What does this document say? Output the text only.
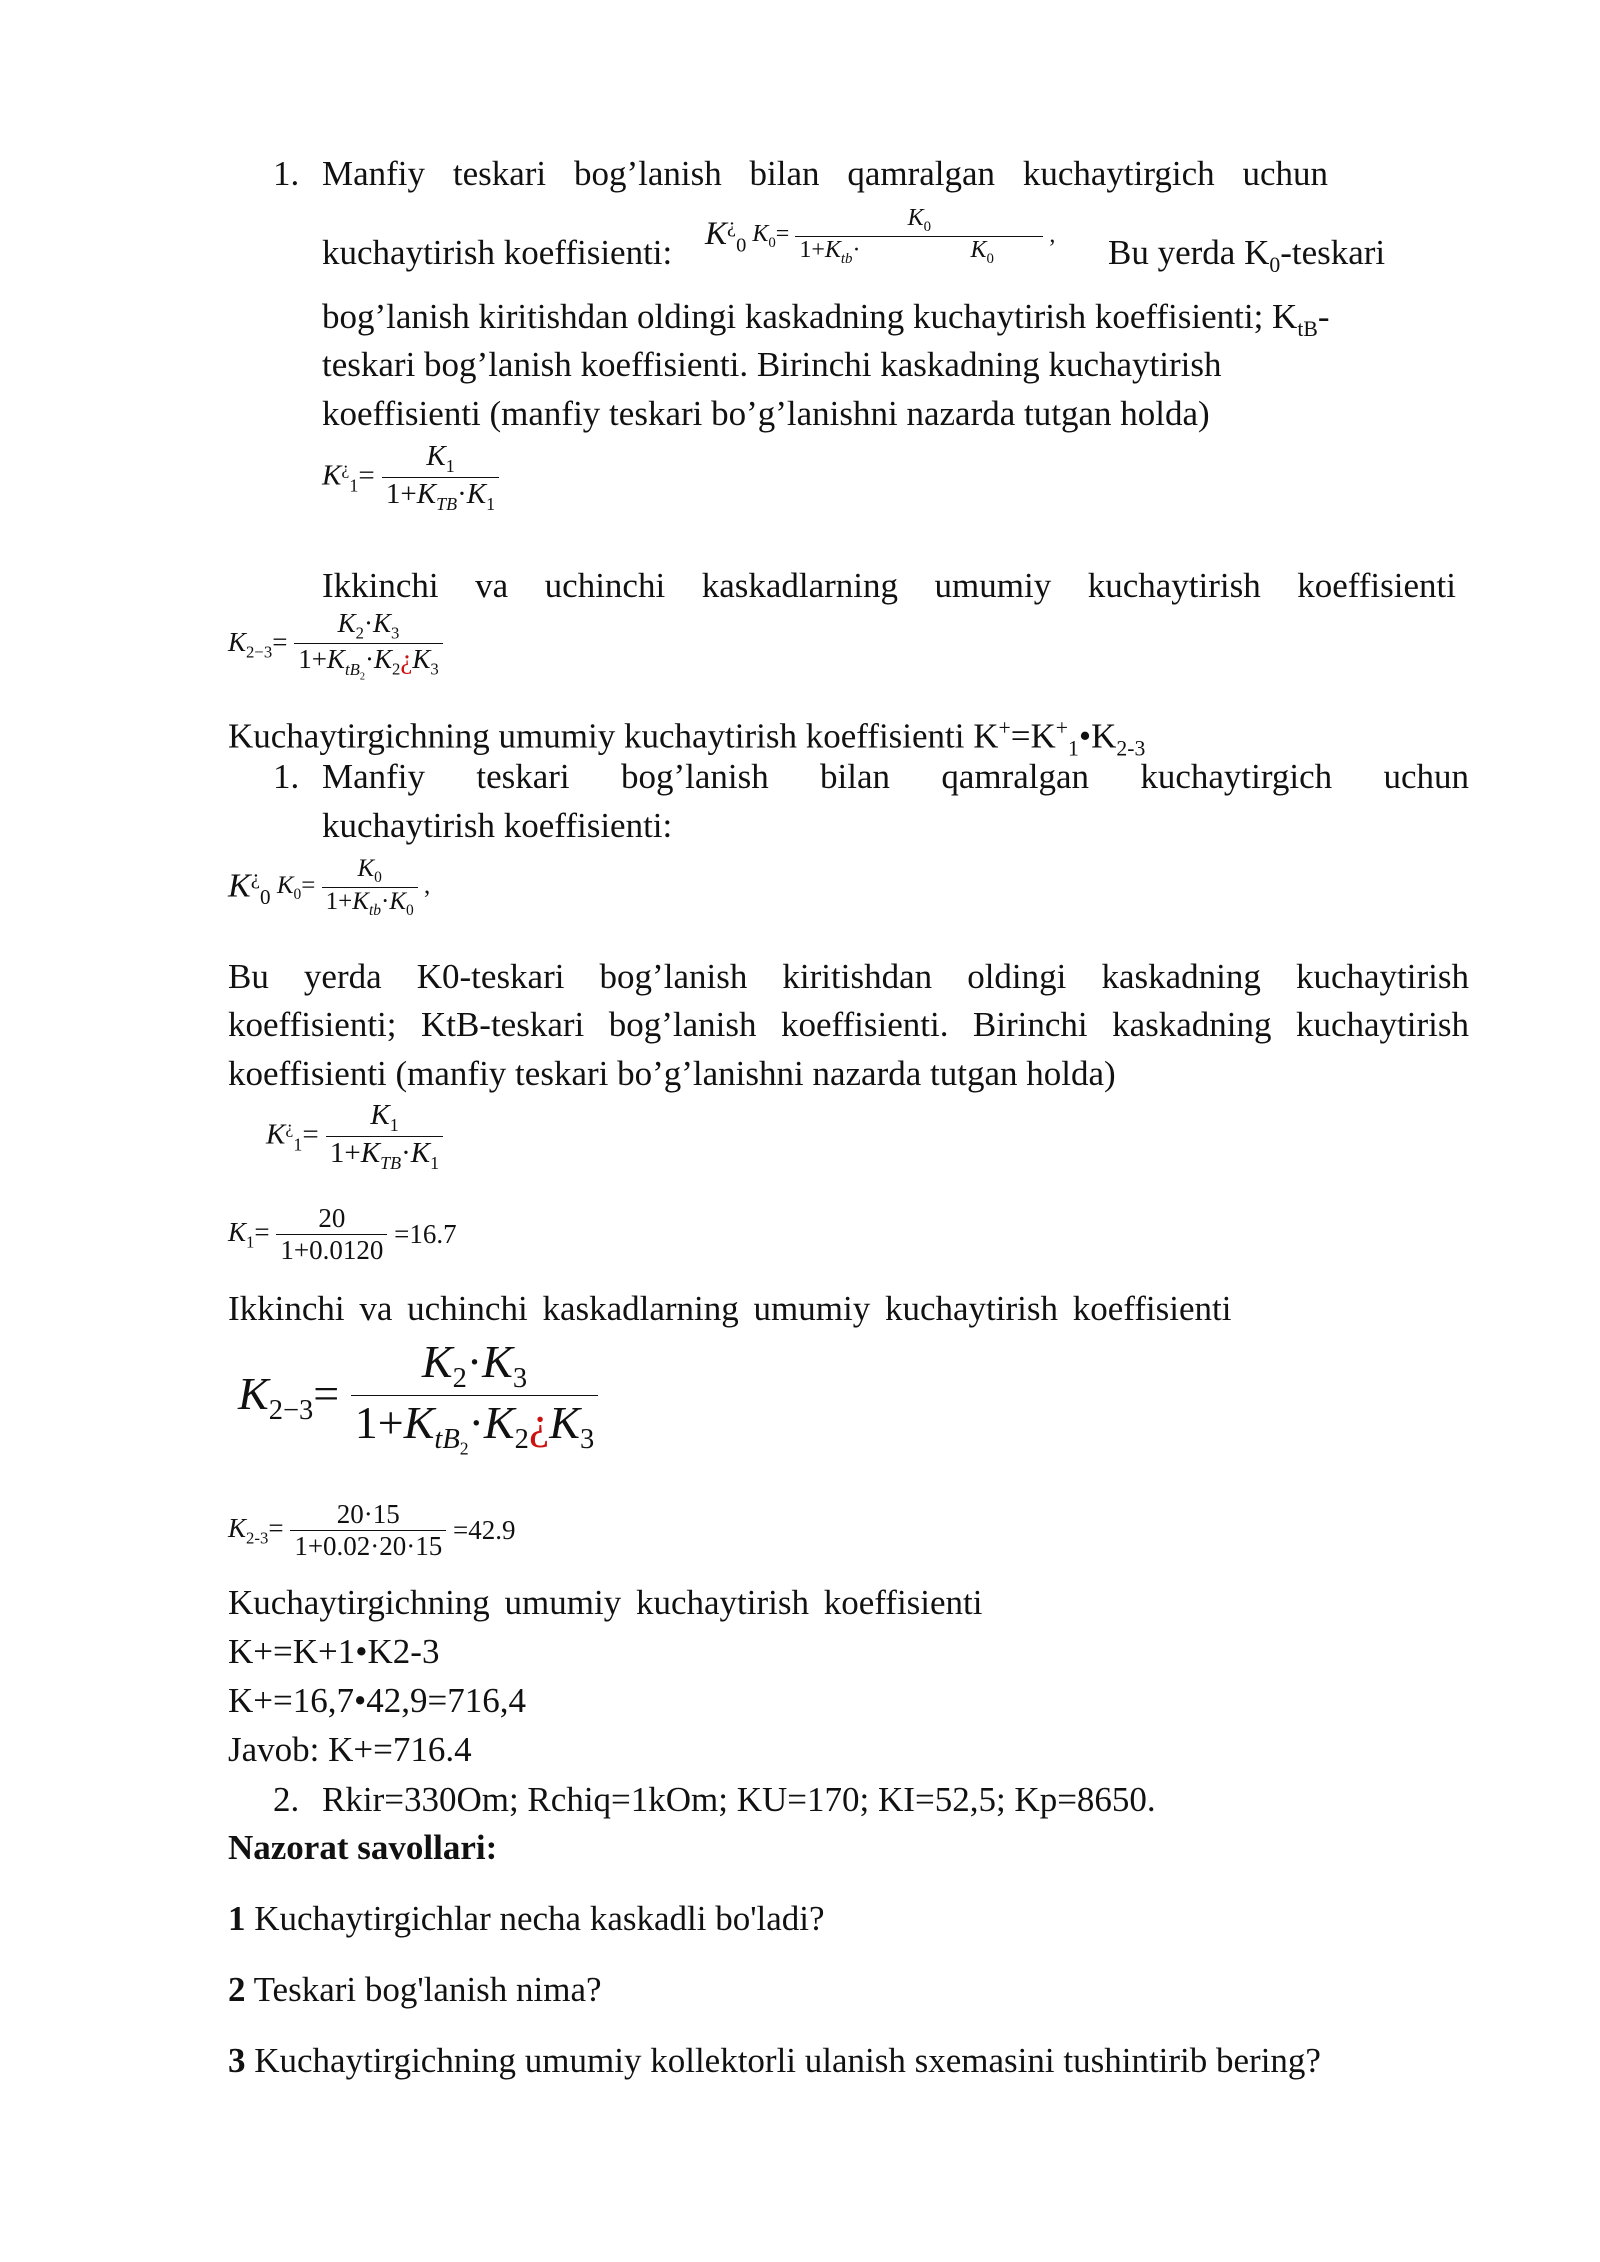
1. Manfiy teskari bog’lanish bilan qamralgan kuchaytirgich uchun
kuchaytirish koeffisienti: $K^¿_0$ $K_0= K_0$
$1+K_{tb}\cdot$	$K_0$ ,	Bu yerda $K_0$-teskari
bog’lanish kiritishdan oldingi kaskadning kuchaytirish koeffisienti; $K_{tB}-$
teskari bog’lanish koeffisienti. Birinchi kaskadning kuchaytirish
koeffisienti (manfiy teskari bo’g’lanishni nazarda tutgan holda)
$K^¿_1= \frac{K_1}{1+K_{TB}\cdot K_1}$
Ikkinchi va uchinchi kaskadlarning umumiy kuchaytirish koeffisienti
$K_{2-3}= \frac{K_2\cdot K_3}{1+K_{tB_2}\cdot K_2¿K_3}$
Kuchaytirgichning umumiy kuchaytirish koeffisienti $K^+=K^+_1•K_{2-3}$
1. Manfiy teskari bog’lanish bilan qamralgan kuchaytirgich uchun
kuchaytirish koeffisienti:
$K^¿_0$ $K_0= \frac{K_0}{1+K_{tb}\cdot K_0}$ ,
Bu yerda K0-teskari bog’lanish kiritishdan oldingi kaskadning kuchaytirish
koeffisienti; KtB-teskari bog’lanish koeffisienti. Birinchi kaskadning kuchaytirish
koeffisienti (manfiy teskari bo’g’lanishni nazarda tutgan holda)
$K^¿_1= \frac{K_1}{1+K_{TB}\cdot K_1}$
$K_1= \frac{20}{1+0.0120} =16.7$
Ikkinchi va uchinchi kaskadlarning umumiy kuchaytirish koeffisienti
$K_{2-3}= \frac{K_2\cdot K_3}{1+K_{tB_2}\cdot K_2¿K_3}$
$K_{2-3}= \frac{20\cdot 15}{1+0.02\cdot 20\cdot 15} =42.9$
Kuchaytirgichning umumiy kuchaytirish koeffisienti
K+=K+1•K2-3
K+=16,7•42,9=716,4
Javob: K+=716.4
2. Rkir=330Om; Rchiq=1kOm; KU=170; KI=52,5; Kp=8650.
Nazorat savollari:
1 Kuchaytirgichlar necha kaskadli bo'ladi?
2 Teskari bog'lanish nima?
3 Kuchaytirgichning umumiy kollektorli ulanish sxemasini tushintirib bering?
